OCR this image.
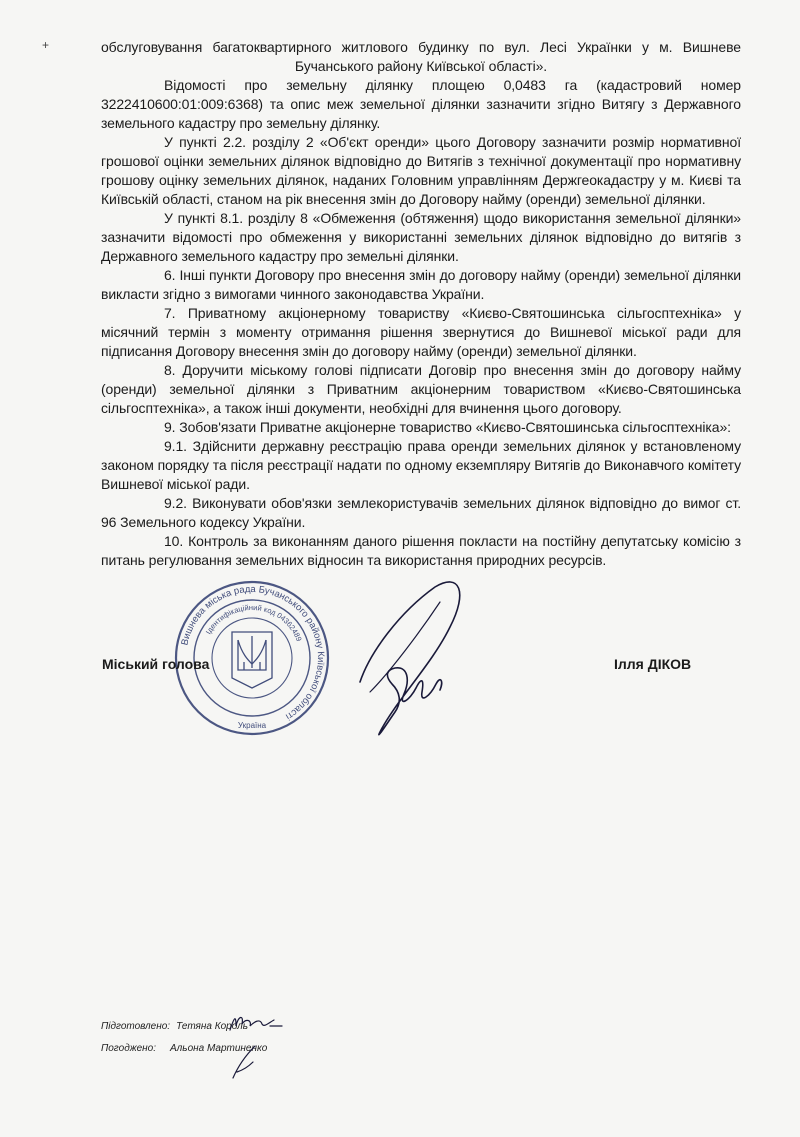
+	обслуговування багатоквартирного житлового будинку по вул. Лесі Українки у м. Вишневе Бучанського району Київської області».

Відомості про земельну ділянку площею 0,0483 га (кадастровий номер 3222410600:01:009:6368) та опис меж земельної ділянки зазначити згідно Витягу з Державного земельного кадастру про земельну ділянку.

У пункті 2.2. розділу 2 «Об'єкт оренди» цього Договору зазначити розмір нормативної грошової оцінки земельних ділянок відповідно до Витягів з технічної документації про нормативну грошову оцінку земельних ділянок, наданих Головним управлінням Держгеокадастру у м. Києві та Київській області, станом на рік внесення змін до Договору найму (оренди) земельної ділянки.

У пункті 8.1. розділу 8 «Обмеження (обтяження) щодо використання земельної ділянки» зазначити відомості про обмеження у використанні земельних ділянок відповідно до витягів з Державного земельного кадастру про земельні ділянки.

6. Інші пункти Договору про внесення змін до договору найму (оренди) земельної ділянки викласти згідно з вимогами чинного законодавства України.

7. Приватному акціонерному товариству «Києво-Святошинська сільгосптехніка» у місячний термін з моменту отримання рішення звернутися до Вишневої міської ради для підписання Договору внесення змін до договору найму (оренди) земельної ділянки.

8. Доручити міському голові підписати Договір про внесення змін до договору найму (оренди) земельної ділянки з Приватним акціонерним товариством «Києво-Святошинська сільгосптехніка», а також інші документи, необхідні для вчинення цього договору.

9. Зобов'язати Приватне акціонерне товариство «Києво-Святошинська сільгосптехніка»:

9.1. Здійснити державну реєстрацію права оренди земельних ділянок у встановленому законом порядку та після реєстрації надати по одному екземпляру Витягів до Виконавчого комітету Вишневої міської ради.

9.2. Виконувати обов'язки землекористувачів земельних ділянок відповідно до вимог ст. 96 Земельного кодексу України.

10. Контроль за виконанням даного рішення покласти на постійну депутатську комісію з питань регулювання земельних відносин та використання природних ресурсів.

Вишнева міська рада Бучанського району Київської області
Ідентифікаційний код 04362489
Україна
Міський голова	Ілля ДІКОВ
Підготовлено: Тетяна Король
Погоджено: Альона Мартиненко
